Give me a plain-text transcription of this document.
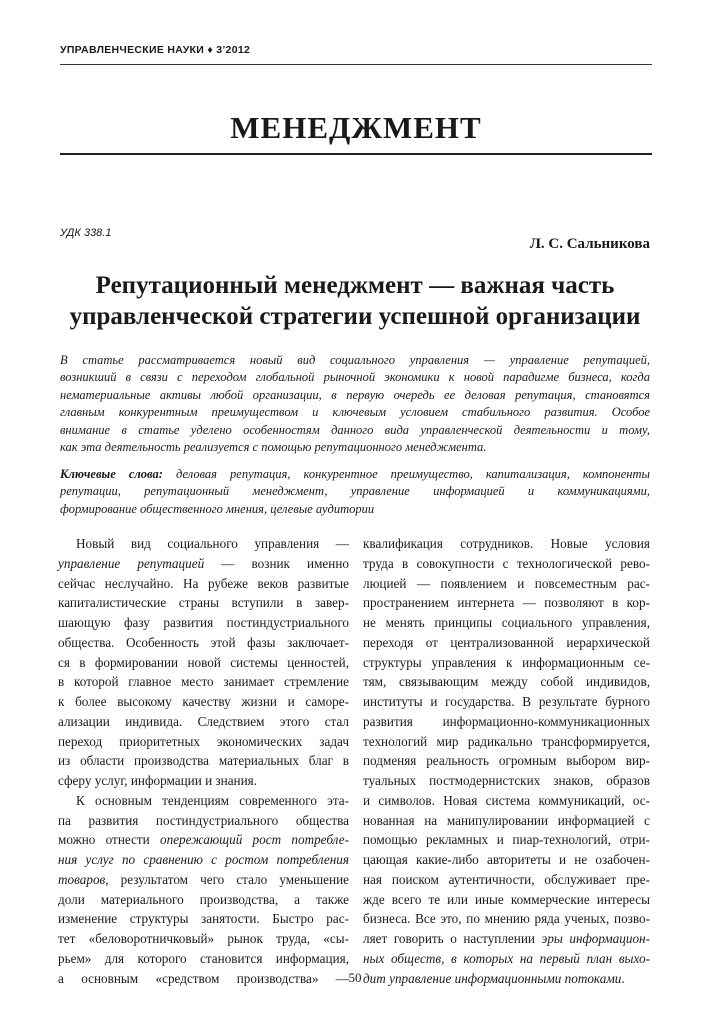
УПРАВЛЕНЧЕСКИЕ НАУКИ ♦ 3’2012
МЕНЕДЖМЕНТ
УДК 338.1
Л. С. Сальникова
Репутационный менеджмент — важная часть
управленческой стратегии успешной организации
В статье рассматривается новый вид социального управления — управление репутацией,
возникший в связи с переходом глобальной рыночной экономики к новой парадигме бизнеса, когда
нематериальные активы любой организации, в первую очередь ее деловая репутация, становятся
главным конкурентным преимуществом и ключевым условием стабильного развития. Особое
внимание в статье уделено особенностям данного вида управленческой деятельности и тому,
как эта деятельность реализуется с помощью репутационного менеджмента.
Ключевые слова: деловая репутация, конкурентное преимущество, капитализация, компоненты
репутации, репутационный менеджмент, управление информацией и коммуникациями,
формирование общественного мнения, целевые аудитории
Новый вид социального управления —
управление репутацией — возник именно
сейчас неслучайно. На рубеже веков развитые
капиталистические страны вступили в завер-
шающую фазу развития постиндустриального
общества. Особенность этой фазы заключает-
ся в формировании новой системы ценностей,
в которой главное место занимает стремление
к более высокому качеству жизни и саморе-
ализации индивида. Следствием этого стал
переход приоритетных экономических задач
из области производства материальных благ в
сферу услуг, информации и знания.
К основным тенденциям современного эта-
па развития постиндустриального общества
можно отнести опережающий рост потребле-
ния услуг по сравнению с ростом потребления
товаров, результатом чего стало уменьшение
доли материального производства, а также
изменение структуры занятости. Быстро рас-
тет «беловоротничковый» рынок труда, «сы-
рьем» для которого становится информация,
а основным «средством производства» —
квалификация сотрудников. Новые условия
труда в совокупности с технологической рево-
люцией — появлением и повсеместным рас-
пространением интернета — позволяют в кор-
не менять принципы социального управления,
переходя от централизованной иерархической
структуры управления к информационным се-
тям, связывающим между собой индивидов,
институты и государства. В результате бурного
развития информационно-коммуникационных
технологий мир радикально трансформируется,
подменяя реальность огромным выбором вир-
туальных постмодернистских знаков, образов
и символов. Новая система коммуникаций, ос-
нованная на манипулировании информацией с
помощью рекламных и пиар-технологий, отри-
цающая какие-либо авторитеты и не озабочен-
ная поиском аутентичности, обслуживает пре-
жде всего те или иные коммерческие интересы
бизнеса. Все это, по мнению ряда ученых, позво-
ляет говорить о наступлении эры информацион-
ных обществ, в которых на первый план выхо-
дит управление информационными потоками.
50
